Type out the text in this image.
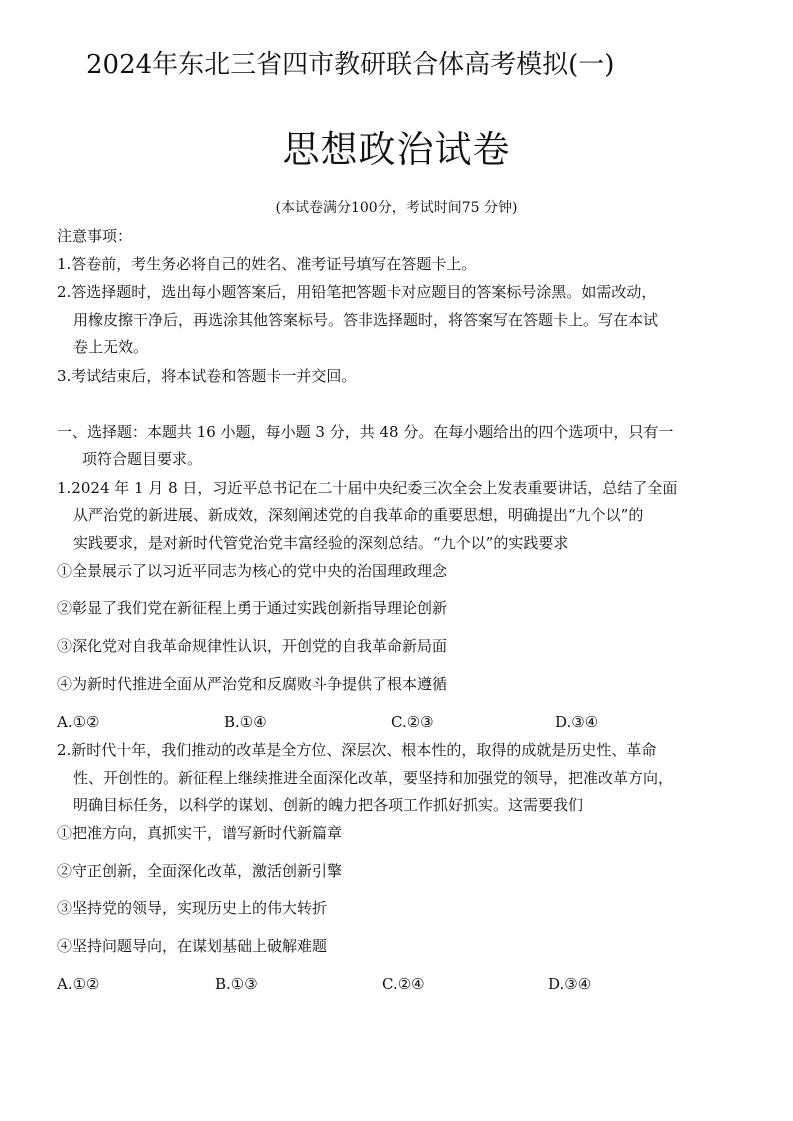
2024年东北三省四市教研联合体高考模拟(一)
思想政治试卷
(本试卷满分100分，考试时间75 分钟)
注意事项：
1.答卷前，考生务必将自己的姓名、准考证号填写在答题卡上。
2.答选择题时，选出每小题答案后，用铅笔把答题卡对应题目的答案标号涂黑。如需改动，
用橡皮擦干净后，再选涂其他答案标号。答非选择题时，将答案写在答题卡上。写在本试
卷上无效。
3.考试结束后，将本试卷和答题卡一并交回。
一、选择题：本题共 16 小题，每小题 3 分，共 48 分。在每小题给出的四个选项中，只有一
项符合题目要求。
1.2024 年 1 月 8 日，习近平总书记在二十届中央纪委三次全会上发表重要讲话，总结了全面
从严治党的新进展、新成效，深刻阐述党的自我革命的重要思想，明确提出“九个以”的
实践要求，是对新时代管党治党丰富经验的深刻总结。“九个以”的实践要求
①全景展示了以习近平同志为核心的党中央的治国理政理念
②彰显了我们党在新征程上勇于通过实践创新指导理论创新
③深化党对自我革命规律性认识，开创党的自我革命新局面
④为新时代推进全面从严治党和反腐败斗争提供了根本遵循
A.①②	B.①④	C.②③	D.③④
2.新时代十年，我们推动的改革是全方位、深层次、根本性的，取得的成就是历史性、革命
性、开创性的。新征程上继续推进全面深化改革，要坚持和加强党的领导，把准改革方向，
明确目标任务，以科学的谋划、创新的魄力把各项工作抓好抓实。这需要我们
①把准方向，真抓实干，谱写新时代新篇章
②守正创新，全面深化改革，激活创新引擎
③坚持党的领导，实现历史上的伟大转折
④坚持问题导向，在谋划基础上破解难题
A.①②	B.①③	C.②④	D.③④
